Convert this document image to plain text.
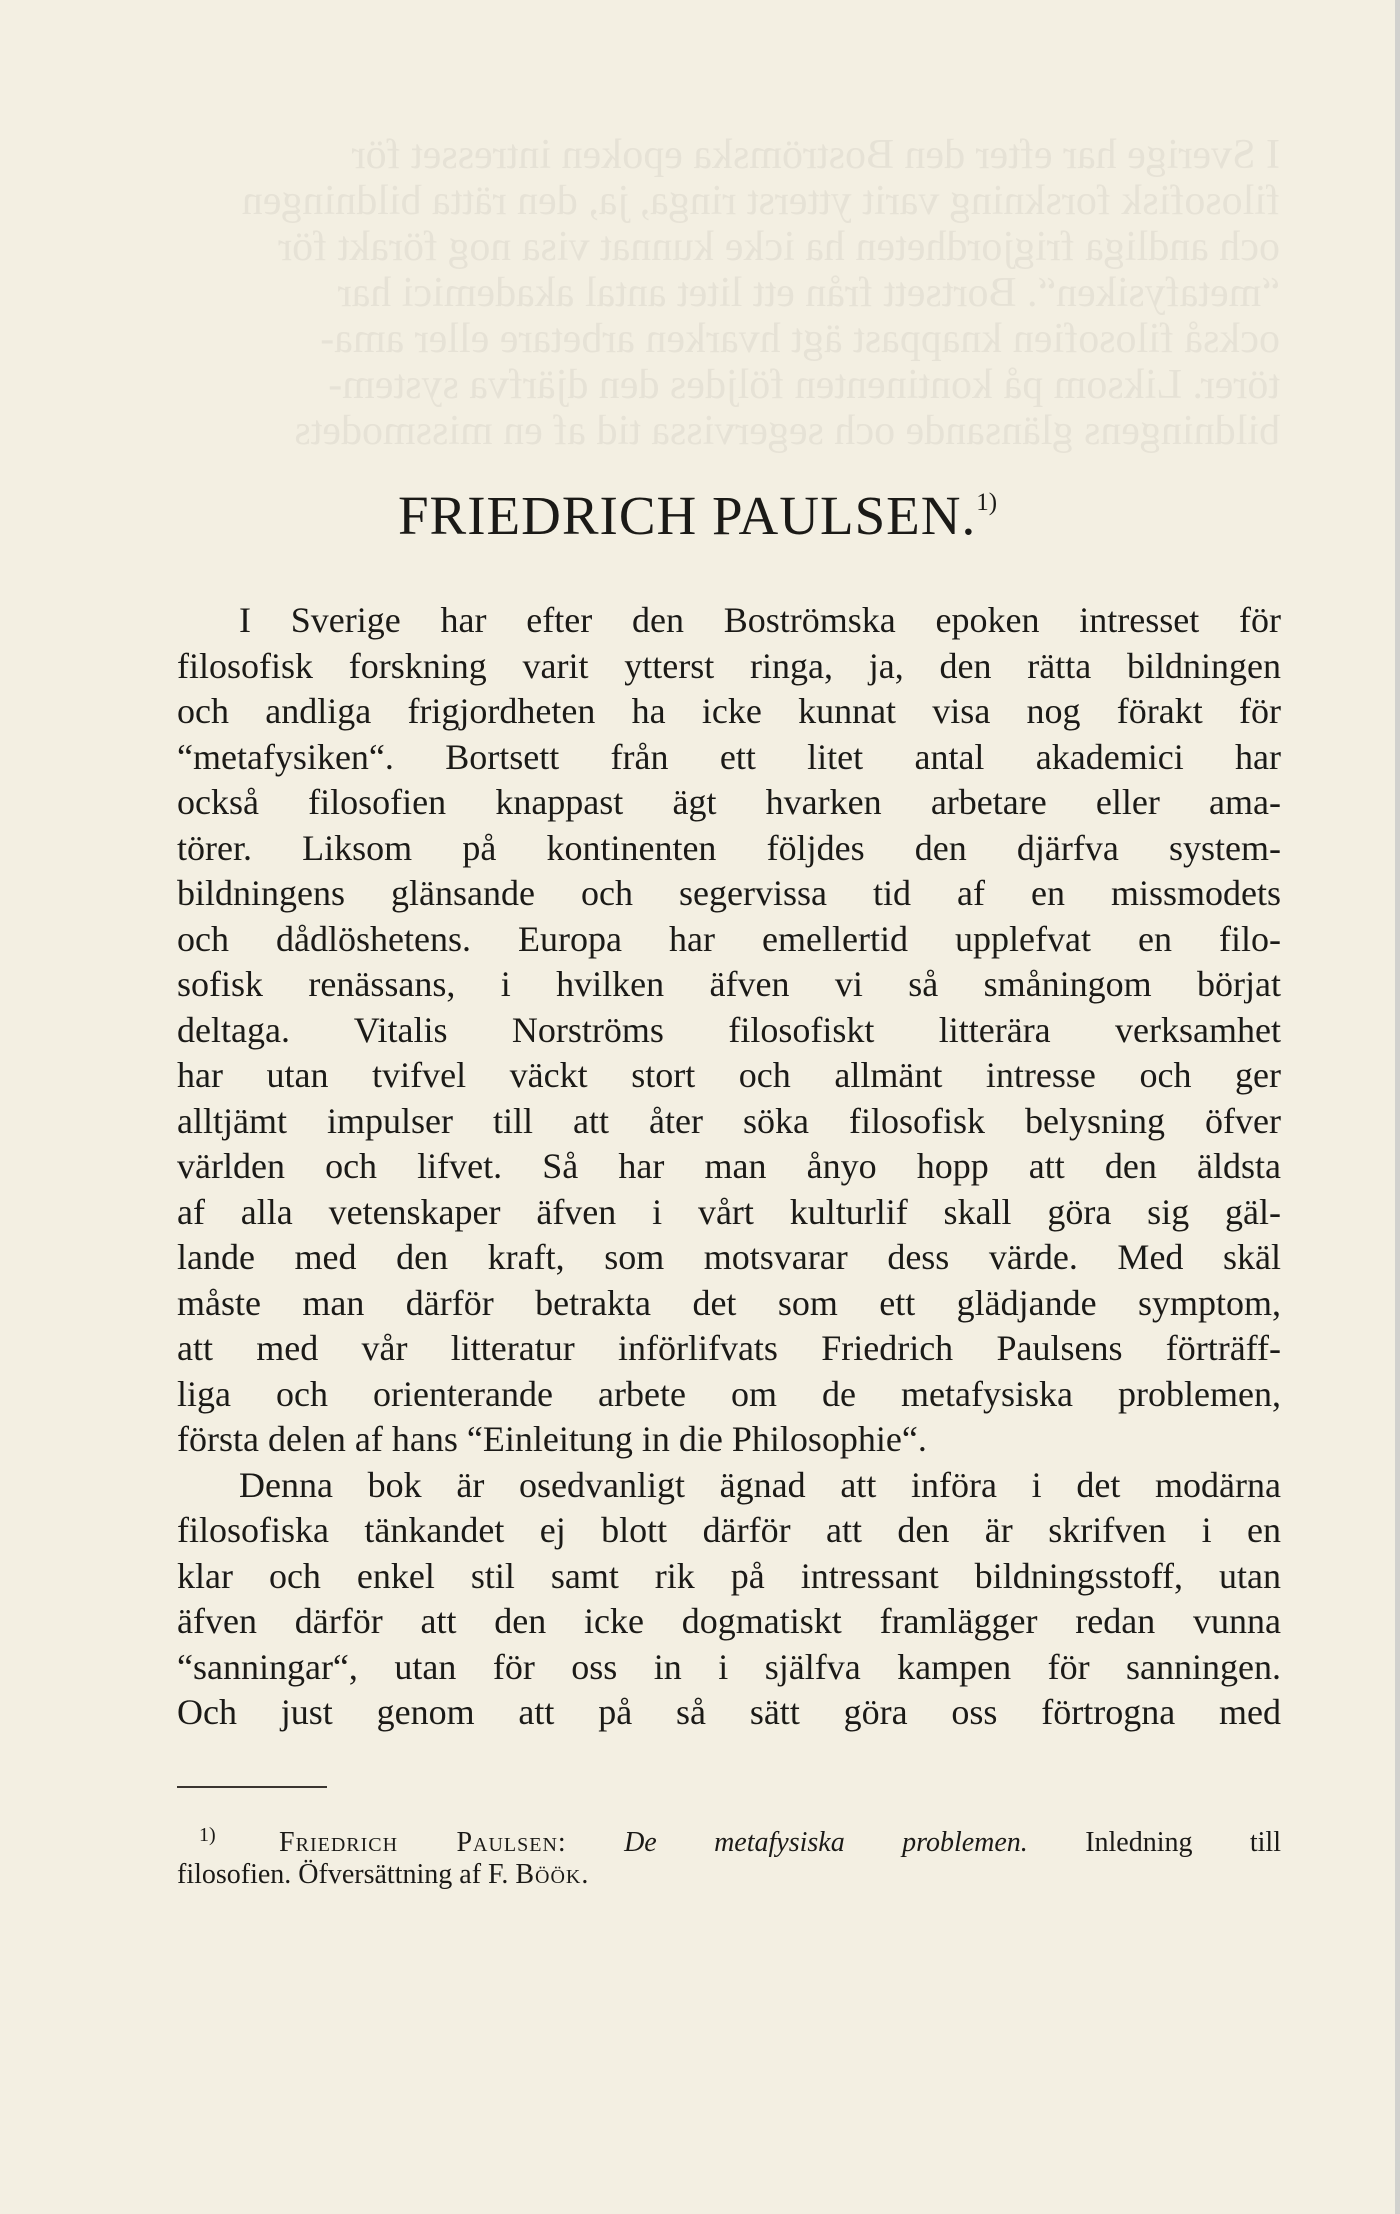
I Sverige har efter den Boströmska epoken intresset för
filosofisk forskning varit ytterst ringa, ja, den rätta bildningen
och andliga frigjordheten ha icke kunnat visa nog förakt för
“metafysiken“. Bortsett från ett litet antal akademici har
också filosofien knappast ägt hvarken arbetare eller ama-
törer. Liksom på kontinenten följdes den djärfva system-
bildningens glänsande och segervissa tid af en missmodets
FRIEDRICH PAULSEN.$^{1)}$
I Sverige har efter den Boströmska epoken intresset för
filosofisk forskning varit ytterst ringa, ja, den rätta bildningen
och andliga frigjordheten ha icke kunnat visa nog förakt för
“metafysiken“. Bortsett från ett litet antal akademici har
också filosofien knappast ägt hvarken arbetare eller ama-
törer. Liksom på kontinenten följdes den djärfva system-
bildningens glänsande och segervissa tid af en missmodets
och dådlöshetens. Europa har emellertid upplefvat en filo-
sofisk renässans, i hvilken äfven vi så småningom börjat
deltaga. Vitalis Norströms filosofiskt litterära verksamhet
har utan tvifvel väckt stort och allmänt intresse och ger
alltjämt impulser till att åter söka filosofisk belysning öfver
världen och lifvet. Så har man ånyo hopp att den äldsta
af alla vetenskaper äfven i vårt kulturlif skall göra sig gäl-
lande med den kraft, som motsvarar dess värde. Med skäl
måste man därför betrakta det som ett glädjande symptom,
att med vår litteratur införlifvats Friedrich Paulsens förträff-
liga och orienterande arbete om de metafysiska problemen,
första delen af hans “Einleitung in die Philosophie“.
Denna bok är osedvanligt ägnad att införa i det modärna
filosofiska tänkandet ej blott därför att den är skrifven i en
klar och enkel stil samt rik på intressant bildningsstoff, utan
äfven därför att den icke dogmatiskt framlägger redan vunna
“sanningar“, utan för oss in i själfva kampen för sanningen.
Och just genom att på så sätt göra oss förtrogna med
$^{1)}$ Friedrich Paulsen: De metafysiska problemen. Inledning till
filosofien. Öfversättning af F. Böök.
